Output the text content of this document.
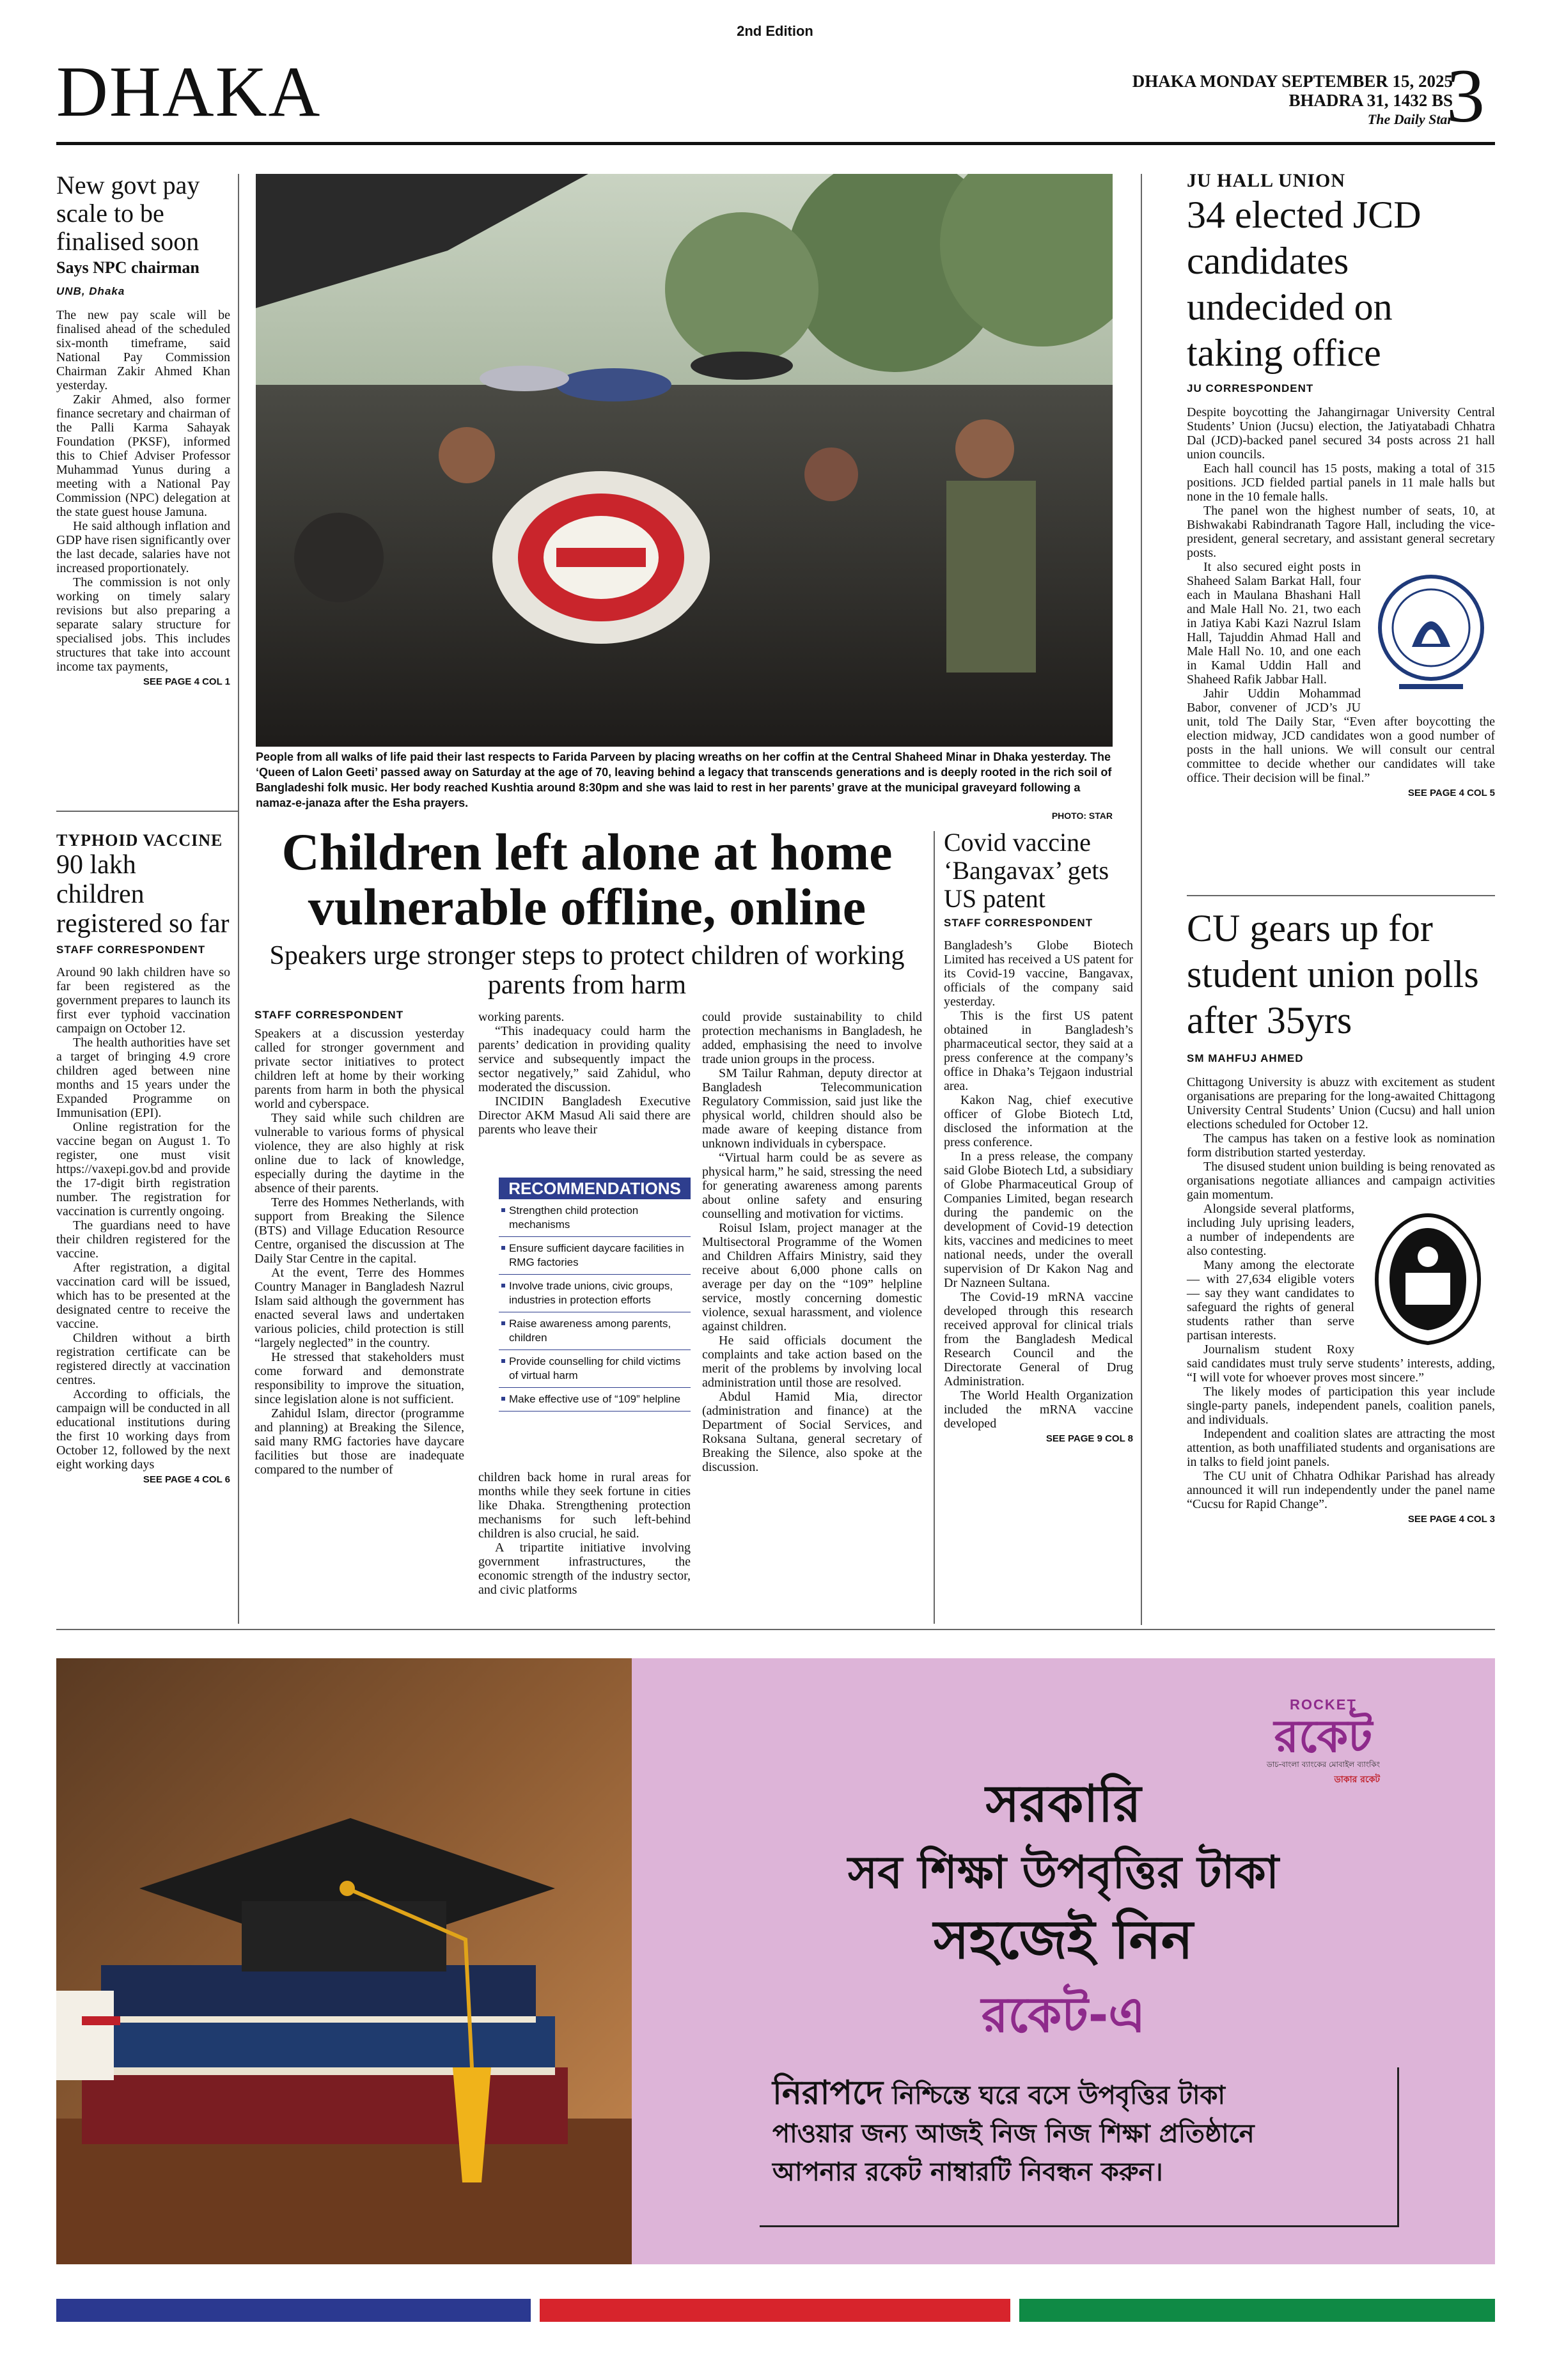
2nd Edition
DHAKA	DHAKA MONDAY SEPTEMBER 15, 2025
BHADRA 31, 1432 BS
The Daily Star
3
New govt pay scale to be finalised soon
Says NPC chairman
UNB, Dhaka

The new pay scale will be finalised ahead of the scheduled six-month timeframe, said National Pay Commission Chairman Zakir Ahmed Khan yesterday.

Zakir Ahmed, also former finance secretary and chairman of the Palli Karma Sahayak Foundation (PKSF), informed this to Chief Adviser Professor Muhammad Yunus during a meeting with a National Pay Commission (NPC) delegation at the state guest house Jamuna.

He said although inflation and GDP have risen significantly over the last decade, salaries have not increased proportionately.

The commission is not only working on timely salary revisions but also preparing a separate salary structure for specialised jobs. This includes structures that take into account income tax payments,

SEE PAGE 4 COL 1
People from all walks of life paid their last respects to Farida Parveen by placing wreaths on her coffin at the Central Shaheed Minar in Dhaka yesterday. The ‘Queen of Lalon Geeti’ passed away on Saturday at the age of 70, leaving behind a legacy that transcends generations and is deeply rooted in the rich soil of Bangladeshi folk music. Her body reached Kushtia around 8:30pm and she was laid to rest in her parents’ grave at the municipal graveyard following a namaz-e-janaza after the Esha prayers.
PHOTO: STAR
TYPHOID VACCINE
90 lakh children registered so far
STAFF CORRESPONDENT

Around 90 lakh children have so far been registered as the government prepares to launch its first ever typhoid vaccination campaign on October 12.

The health authorities have set a target of bringing 4.9 crore children aged between nine months and 15 years under the Expanded Programme on Immunisation (EPI).

Online registration for the vaccine began on August 1. To register, one must visit https://vaxepi.gov.bd and provide the 17-digit birth registration number. The registration for vaccination is currently ongoing.

The guardians need to have their children registered for the vaccine.

After registration, a digital vaccination card will be issued, which has to be presented at the designated centre to receive the vaccine.

Children without a birth registration certificate can be registered directly at vaccination centres.

According to officials, the campaign will be conducted in all educational institutions during the first 10 working days from October 12, followed by the next eight working days

SEE PAGE 4 COL 6
Children left alone at home vulnerable offline, online
Speakers urge stronger steps to protect children of working parents from harm
STAFF CORRESPONDENT

Speakers at a discussion yesterday called for stronger government and private sector initiatives to protect children left at home by their working parents from harm in both the physical world and cyberspace.

They said while such children are vulnerable to various forms of physical violence, they are also highly at risk online due to lack of knowledge, especially during the daytime in the absence of their parents.

Terre des Hommes Netherlands, with support from Breaking the Silence (BTS) and Village Education Resource Centre, organised the discussion at The Daily Star Centre in the capital.

At the event, Terre des Hommes Country Manager in Bangladesh Nazrul Islam said although the government has enacted several laws and undertaken various policies, child protection is still “largely neglected” in the country.

He stressed that stakeholders must come forward and demonstrate responsibility to improve the situation, since legislation alone is not sufficient.

Zahidul Islam, director (programme and planning) at Breaking the Silence, said many RMG factories have daycare facilities but those are inadequate compared to the number of

working parents.

“This inadequacy could harm the parents’ dedication in providing quality service and subsequently impact the sector negatively,” said Zahidul, who moderated the discussion.

INCIDIN Bangladesh Executive Director AKM Masud Ali said there are parents who leave their

RECOMMENDATIONS
Strengthen child protection mechanisms
Ensure sufficient daycare facilities in RMG factories
Involve trade unions, civic groups, industries in protection efforts
Raise awareness among parents, children
Provide counselling for child victims of virtual harm
Make effective use of “109” helpline

children back home in rural areas for months while they seek fortune in cities like Dhaka. Strengthening protection mechanisms for such left-behind children is also crucial, he said.

A tripartite initiative involving government infrastructures, the economic strength of the industry sector, and civic platforms

could provide sustainability to child protection mechanisms in Bangladesh, he added, emphasising the need to involve trade union groups in the process.

SM Tailur Rahman, deputy director at Bangladesh Telecommunication Regulatory Commission, said just like the physical world, children should also be made aware of keeping distance from unknown individuals in cyberspace.

“Virtual harm could be as severe as physical harm,” he said, stressing the need for generating awareness among parents about online safety and ensuring counselling and motivation for victims.

Roisul Islam, project manager at the Multisectoral Programme of the Women and Children Affairs Ministry, said they receive about 6,000 phone calls on average per day on the “109” helpline service, mostly concerning domestic violence, sexual harassment, and violence against children.

He said officials document the complaints and take action based on the merit of the problems by involving local administration until those are resolved.

Abdul Hamid Mia, director (administration and finance) at the Department of Social Services, and Roksana Sultana, general secretary of Breaking the Silence, also spoke at the discussion.

Covid vaccine ‘Bangavax’ gets US patent
STAFF CORRESPONDENT

Bangladesh’s Globe Biotech Limited has received a US patent for its Covid-19 vaccine, Bangavax, officials of the company said yesterday.

This is the first US patent obtained in Bangladesh’s pharmaceutical sector, they said at a press conference at the company’s office in Dhaka’s Tejgaon industrial area.

Kakon Nag, chief executive officer of Globe Biotech Ltd, disclosed the information at the press conference.

In a press release, the company said Globe Biotech Ltd, a subsidiary of Globe Pharmaceutical Group of Companies Limited, began research during the pandemic on the development of Covid-19 detection kits, vaccines and medicines to meet national needs, under the overall supervision of Dr Kakon Nag and Dr Nazneen Sultana.

The Covid-19 mRNA vaccine developed through this research received approval for clinical trials from the Bangladesh Medical Research Council and the Directorate General of Drug Administration.

The World Health Organization included the mRNA vaccine developed

SEE PAGE 9 COL 8
JU HALL UNION
34 elected JCD candidates undecided on taking office
JU CORRESPONDENT

Despite boycotting the Jahangirnagar University Central Students’ Union (Jucsu) election, the Jatiyatabadi Chhatra Dal (JCD)-backed panel secured 34 posts across 21 hall union councils.

Each hall council has 15 posts, making a total of 315 positions. JCD fielded partial panels in 11 male halls but none in the 10 female halls.

The panel won the highest number of seats, 10, at Bishwakabi Rabindranath Tagore Hall, including the vice-president, general secretary, and assistant general secretary posts.

It also secured eight posts in Shaheed Salam Barkat Hall, four each in Maulana Bhashani Hall and Male Hall No. 21, two each in Jatiya Kabi Kazi Nazrul Islam Hall, Tajuddin Ahmad Hall and Male Hall No. 10, and one each in Kamal Uddin Hall and Shaheed Rafik Jabbar Hall.

Jahir Uddin Mohammad Babor, convener of JCD’s JU unit, told The Daily Star, “Even after boycotting the election midway, JCD candidates won a good number of posts in the hall unions. We will consult our central committee to decide whether our candidates will take office. Their decision will be final.”

SEE PAGE 4 COL 5
CU gears up for student union polls after 35yrs
SM MAHFUJ AHMED

Chittagong University is abuzz with excitement as student organisations are preparing for the long-awaited Chittagong University Central Students’ Union (Cucsu) and hall union elections scheduled for October 12.

The campus has taken on a festive look as nomination form distribution started yesterday.

The disused student union building is being renovated as organisations negotiate alliances and campaign activities gain momentum.

Alongside several platforms, including July uprising leaders, a number of independents are also contesting.

Many among the electorate — with 27,634 eligible voters — say they want candidates to safeguard the rights of general students rather than serve partisan interests.

Journalism student Roxy said candidates must truly serve students’ interests, adding, “I will vote for whoever proves most sincere.”

The likely modes of participation this year include single-party panels, independent panels, coalition panels, and individuals.

Independent and coalition slates are attracting the most attention, as both unaffiliated students and organisations are in talks to field joint panels.

The CU unit of Chhatra Odhikar Parishad has already announced it will run independently under the panel name “Cucsu for Rapid Change”.

SEE PAGE 4 COL 3
ROCKET
রকেট
ডাচ-বাংলা ব্যাংকের মোবাইল ব্যাংকিং
ডাকার রকেট
সরকারি
সব শিক্ষা উপবৃত্তির টাকা
সহজেই নিন
রকেট-এ
নিরাপদে নিশ্চিন্তে ঘরে বসে উপবৃত্তির টাকা
পাওয়ার জন্য আজই নিজ নিজ শিক্ষা প্রতিষ্ঠানে
আপনার রকেট নাম্বারটি নিবন্ধন করুন।
